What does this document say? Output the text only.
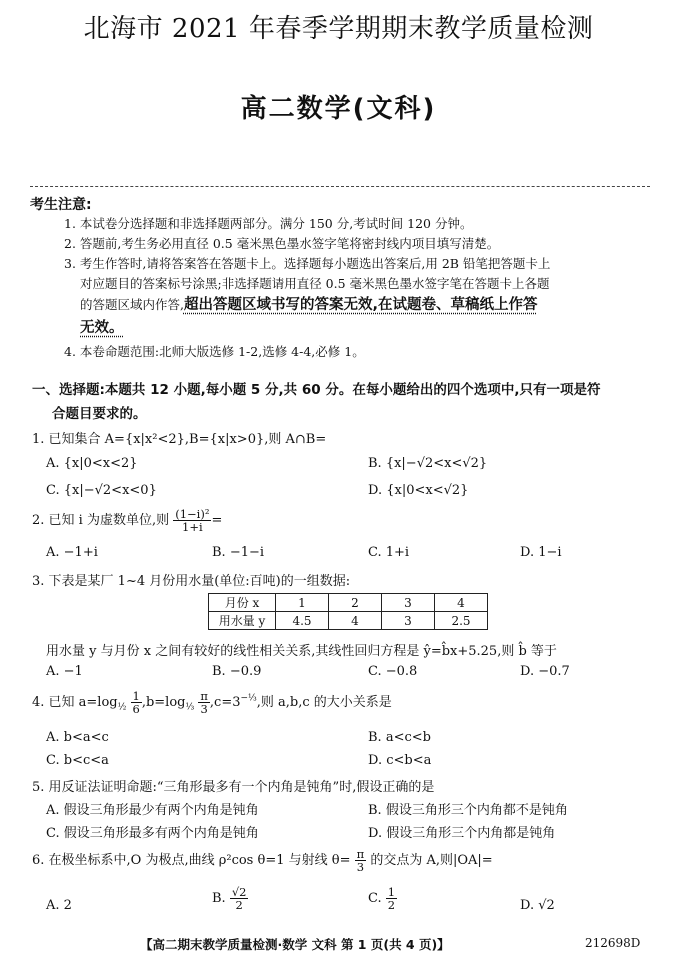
北海市 2021 年春季学期期末教学质量检测
高二数学(文科)
考生注意:
1. 本试卷分选择题和非选择题两部分。满分 150 分,考试时间 120 分钟。
2. 答题前,考生务必用直径 0.5 毫米黑色墨水签字笔将密封线内项目填写清楚。
3. 考生作答时,请将答案答在答题卡上。选择题每小题选出答案后,用 2B 铅笔把答题卡上
对应题目的答案标号涂黑;非选择题请用直径 0.5 毫米黑色墨水签字笔在答题卡上各题
的答题区域内作答,超出答题区域书写的答案无效,在试题卷、草稿纸上作答
无效。
4. 本卷命题范围:北师大版选修 1-2,选修 4-4,必修 1。
一、选择题:本题共 12 小题,每小题 5 分,共 60 分。在每小题给出的四个选项中,只有一项是符
合题目要求的。
1. 已知集合 A={x|x²<2},B={x|x>0},则 A∩B=
A. {x|0<x<2}	B. {x|−√2<x<√2}
C. {x|−√2<x<0}	D. {x|0<x<√2}
2. 已知 i 为虚数单位,则 $\frac{\text{(1−i)²}}{1+i}$ =
A. −1+i	B. −1−i	C. 1+i	D. 1−i
3. 下表是某厂 1~4 月份用水量(单位:百吨)的一组数据:
月份 x	1	2	3	4
用水量 y	4.5	4	3	2.5
用水量 y 与月份 x 之间有较好的线性相关关系,其线性回归方程是 ŷ=b̂x+5.25,则 b̂ 等于
A. −1	B. −0.9	C. −0.8	D. −0.7
4. 已知 $a=\log_{\frac{1}{2}} \frac{1}{6} ,b=\log_{\frac{1}{3}} \frac{\pi}{3} ,c=3^{-\frac{1}{3}}$,则 a,b,c 的大小关系是
A. b<a<c	B. a<c<b
C. b<c<a	D. c<b<a
5. 用反证法证明命题:“三角形最多有一个内角是钝角”时,假设正确的是
A. 假设三角形最少有两个内角是钝角	B. 假设三角形三个内角都不是钝角
C. 假设三角形最多有两个内角是钝角	D. 假设三角形三个内角都是钝角
6. 在极坐标系中,O 为极点,曲线 ρ²cos θ=1 与射线 $\theta= \frac{\pi}{3}$ 的交点为 A,则|OA|=
A. 2	B. $\frac{√2}{2}$	C. $\frac{1}{2}$	D. √2
【高二期末教学质量检测·数学 文科 第 1 页(共 4 页)】	212698D
